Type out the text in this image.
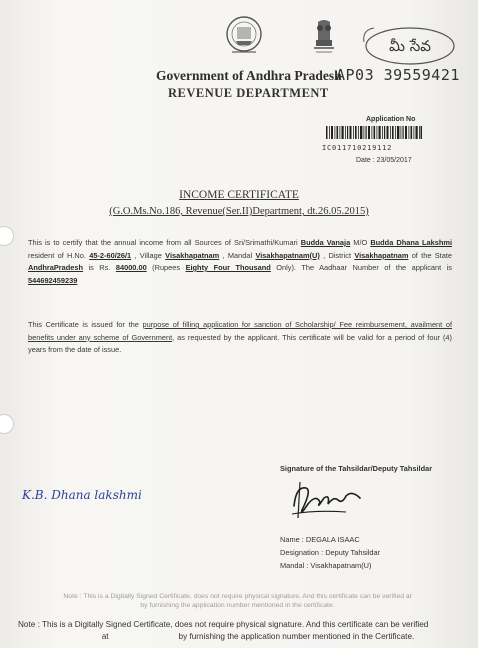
మీ సేవ
Government of Andhra Pradesh
AP03 39559421
REVENUE DEPARTMENT
Application No
IC011710219112
Date : 23/05/2017
INCOME CERTIFICATE
(G.O.Ms.No.186, Revenue(Ser.II)Department, dt.26.05.2015)
This is to certify that the annual income from all Sources of Sri/Srimathi/Kumari Budda Vanaja M/O Budda Dhana Lakshmi resident of H.No. 45-2-60/26/1 , Village Visakhapatnam , Mandal Visakhapatnam(U) , District Visakhapatnam of the State AndhraPradesh is Rs. 84000.00 (Rupees Eighty Four Thousand Only). The Aadhaar Number of the applicant is 544692459239
This Certificate is issued for the purpose of filling application for sanction of Scholarship/ Fee reimbursement, availment of benefits under any scheme of Government, as requested by the applicant. This certificate will be valid for a period of four (4) years from the date of issue.
Signature of the Tahsildar/Deputy Tahsildar
K.B. Dhana lakshmi
Name : DEGALA ISAAC
Designation : Deputy Tahsildar
Mandal : Visakhapatnam(U)
Note : This is a Digitally Signed Certificate, does not require physical signature. And this certificate can be verified at
by furnishing the application number mentioned in the certificate.
Note : This is a Digitally Signed Certificate, does not require physical signature. And this certificate can be verified
at	by furnishing the application number mentioned in the Certificate.
